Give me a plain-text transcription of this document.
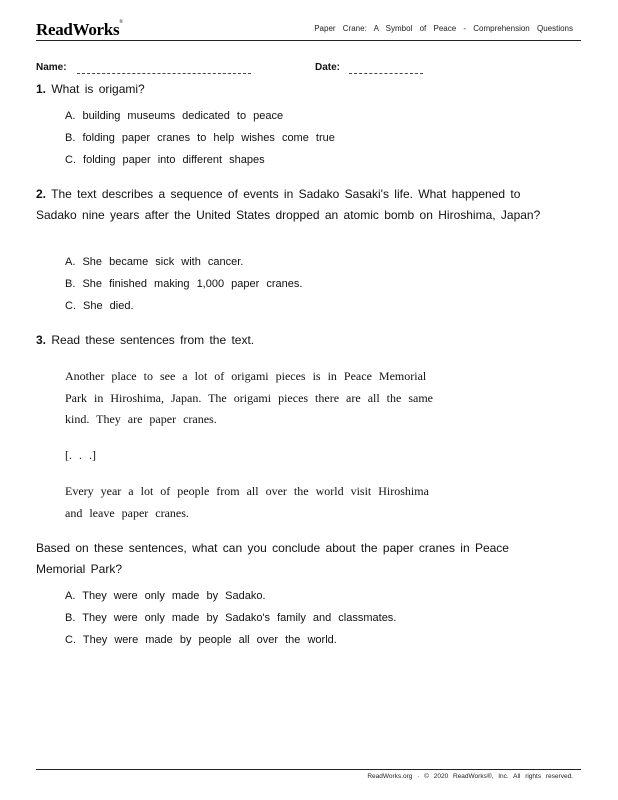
ReadWorks®
Paper Crane: A Symbol of Peace - Comprehension Questions
Name:	Date:
1. What is origami?
A. building museums dedicated to peace
B. folding paper cranes to help wishes come true
C. folding paper into different shapes
2. The text describes a sequence of events in Sadako Sasaki's life. What happened to Sadako nine years after the United States dropped an atomic bomb on Hiroshima, Japan?
A. She became sick with cancer.
B. She finished making 1,000 paper cranes.
C. She died.
3. Read these sentences from the text.
Another place to see a lot of origami pieces is in Peace Memorial Park in Hiroshima, Japan. The origami pieces there are all the same kind. They are paper cranes.
[. . .]
Every year a lot of people from all over the world visit Hiroshima and leave paper cranes.
Based on these sentences, what can you conclude about the paper cranes in Peace Memorial Park?
A. They were only made by Sadako.
B. They were only made by Sadako's family and classmates.
C. They were made by people all over the world.
ReadWorks.org · © 2020 ReadWorks®, Inc. All rights reserved.
